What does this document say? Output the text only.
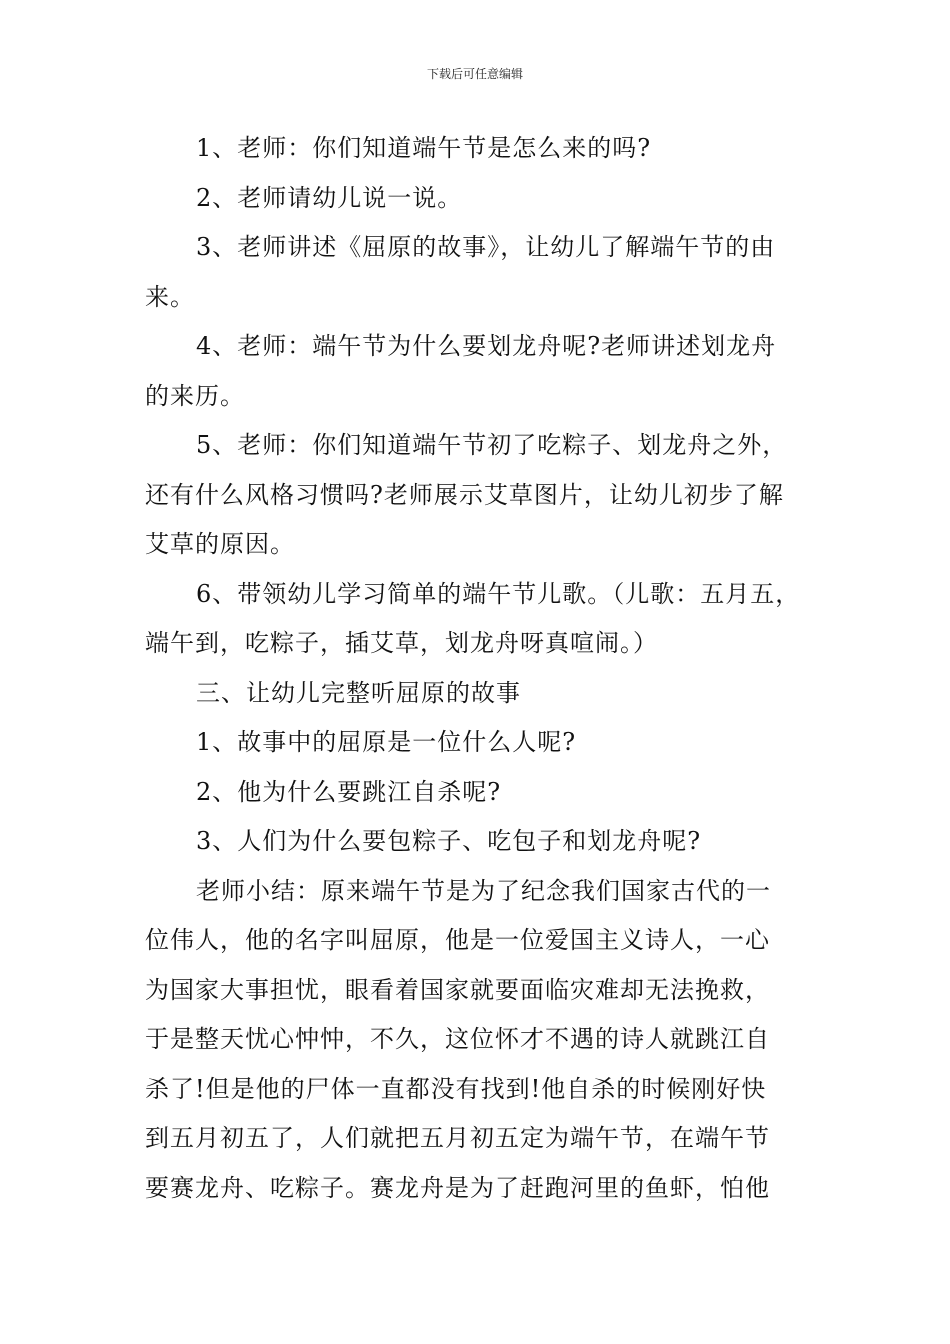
下载后可任意编辑

1、老师：你们知道端午节是怎么来的吗?

2、老师请幼儿说一说。

3、老师讲述《屈原的故事》，让幼儿了解端午节的由
来。

4、老师：端午节为什么要划龙舟呢?老师讲述划龙舟
的来历。

5、老师：你们知道端午节初了吃粽子、划龙舟之外，
还有什么风格习惯吗?老师展示艾草图片，让幼儿初步了解
艾草的原因。

6、带领幼儿学习简单的端午节儿歌。（儿歌：五月五，
端午到，吃粽子，插艾草，划龙舟呀真喧闹。）

三、让幼儿完整听屈原的故事

1、故事中的屈原是一位什么人呢?

2、他为什么要跳江自杀呢?

3、人们为什么要包粽子、吃包子和划龙舟呢?

老师小结：原来端午节是为了纪念我们国家古代的一
位伟人，他的名字叫屈原，他是一位爱国主义诗人，一心
为国家大事担忧，眼看着国家就要面临灾难却无法挽救，
于是整天忧心忡忡，不久，这位怀才不遇的诗人就跳江自
杀了!但是他的尸体一直都没有找到!他自杀的时候刚好快
到五月初五了，人们就把五月初五定为端午节，在端午节
要赛龙舟、吃粽子。赛龙舟是为了赶跑河里的鱼虾，怕他
